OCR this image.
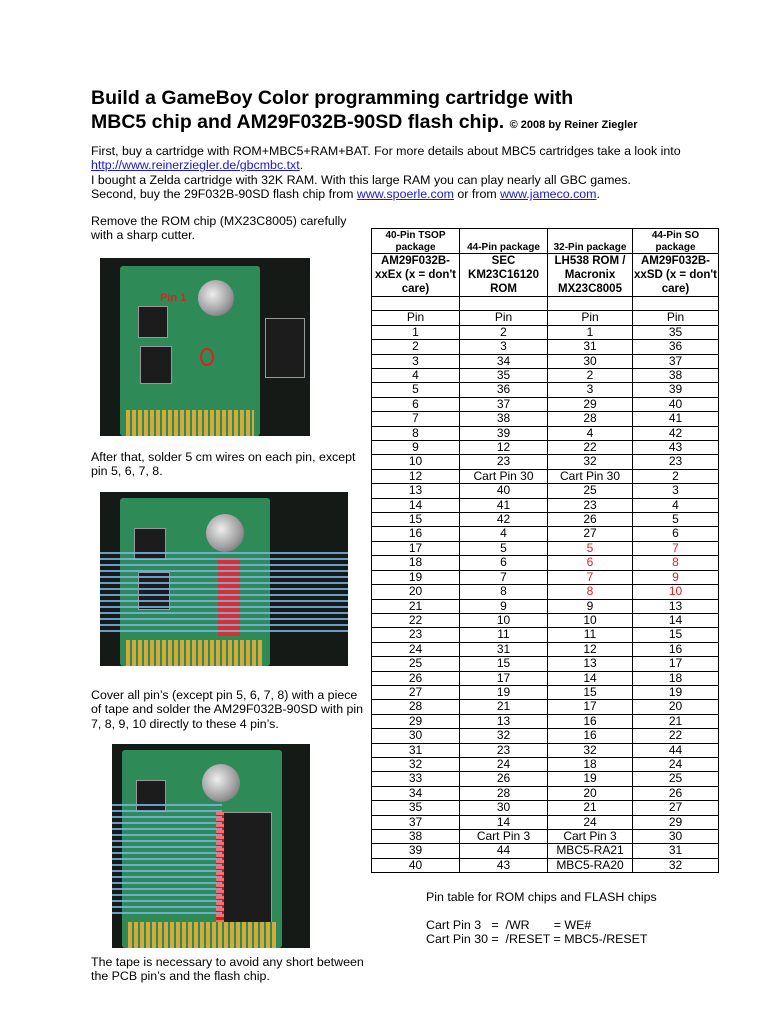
Build a GameBoy Color programming cartridge with
MBC5 chip and AM29F032B-90SD flash chip. © 2008 by Reiner Ziegler
First, buy a cartridge with ROM+MBC5+RAM+BAT. For more details about MBC5 cartridges take a look into http://www.reinerziegler.de/gbcmbc.txt.
I bought a Zelda cartridge with 32K RAM. With this large RAM you can play nearly all GBC games.
Second, buy the 29F032B-90SD flash chip from www.spoerle.com or from www.jameco.com.
Remove the ROM chip (MX23C8005) carefully with a sharp cutter.
Pin 1
After that, solder 5 cm wires on each pin, except pin 5, 6, 7, 8.
Cover all pin’s (except pin 5, 6, 7, 8) with a piece of tape and solder the AM29F032B-90SD with pin 7, 8, 9, 10 directly to these 4 pin’s.
The tape is necessary to avoid any short between the PCB pin’s and the flash chip.
40-Pin TSOP package	44-Pin package	32-Pin package	44-Pin SO package
AM29F032B-xxEx (x = don't care)	SEC KM23C16120 ROM	LH538 ROM / Macronix MX23C8005	AM29F032B-xxSD (x = don't care)

Pin	Pin	Pin	Pin
1	2	1	35
2	3	31	36
3	34	30	37
4	35	2	38
5	36	3	39
6	37	29	40
7	38	28	41
8	39	4	42
9	12	22	43
10	23	32	23
12	Cart Pin 30	Cart Pin 30	2
13	40	25	3
14	41	23	4
15	42	26	5
16	4	27	6
17	5	5	7
18	6	6	8
19	7	7	9
20	8	8	10
21	9	9	13
22	10	10	14
23	11	11	15
24	31	12	16
25	15	13	17
26	17	14	18
27	19	15	19
28	21	17	20
29	13	16	21
30	32	16	22
31	23	32	44
32	24	18	24
33	26	19	25
34	28	20	26
35	30	21	27
37	14	24	29
38	Cart Pin 3	Cart Pin 3	30
39	44	MBC5-RA21	31
40	43	MBC5-RA20	32
Pin table for ROM chips and FLASH chips
Cart Pin 3   =  /WR       = WE#
Cart Pin 30 =  /RESET = MBC5-/RESET
